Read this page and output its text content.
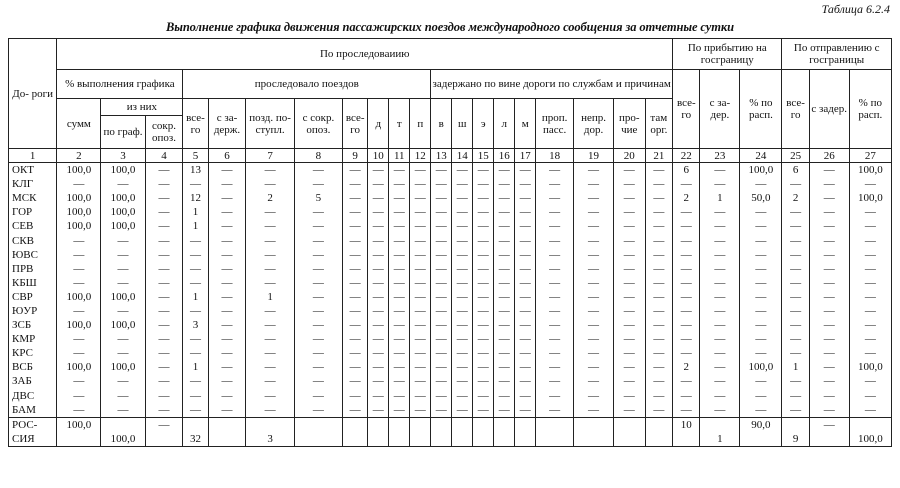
Таблица 6.2.4
Выполнение графика движения пассажирских поездов международного сообщения за отчетные сутки
До- роги	По проследоваиию																				По прибытию на госграницу			По отправлению с госграницы		
	% выполнения графика			проследовало поездов								задержано по вине дороги по службам и причинам									все- го	с за- дер.	% по расп.	все- го	с задер.	% по расп.
	сумм	из них		все- го	с за- держ.	позд. по- ступл.	с сокр. опоз.	все- го	д	т	п	в	ш	э	л	м	проп. пасс.	непр. дор.	про- чие	там орг.						
		по граф.	сокр. опоз.																							
1	2	3	4	5	6	7	8	9	10	11	12	13	14	15	16	17	18	19	20	21	22	23	24	25	26	27
ОКТ	100,0	100,0	—	13	—	—	—	—	—	—	—	—	—	—	—	—	—	—	—	—	6	—	100,0	6	—	100,0
КЛГ	—	—	—	—	—	—	—	—	—	—	—	—	—	—	—	—	—	—	—	—	—	—	—	—	—	—
МСК	100,0	100,0	—	12	—	2	5	—	—	—	—	—	—	—	—	—	—	—	—	—	2	1	50,0	2	—	100,0
ГОР	100,0	100,0	—	1	—	—	—	—	—	—	—	—	—	—	—	—	—	—	—	—	—	—	—	—	—	—
СЕВ	100,0	100,0	—	1	—	—	—	—	—	—	—	—	—	—	—	—	—	—	—	—	—	—	—	—	—	—
СКВ	—	—	—	—	—	—	—	—	—	—	—	—	—	—	—	—	—	—	—	—	—	—	—	—	—	—
ЮВС	—	—	—	—	—	—	—	—	—	—	—	—	—	—	—	—	—	—	—	—	—	—	—	—	—	—
ПРВ	—	—	—	—	—	—	—	—	—	—	—	—	—	—	—	—	—	—	—	—	—	—	—	—	—	—
КБШ	—	—	—	—	—	—	—	—	—	—	—	—	—	—	—	—	—	—	—	—	—	—	—	—	—	—
СВР	100,0	100,0	—	1	—	1	—	—	—	—	—	—	—	—	—	—	—	—	—	—	—	—	—	—	—	—
ЮУР	—	—	—	—	—	—	—	—	—	—	—	—	—	—	—	—	—	—	—	—	—	—	—	—	—	—
ЗСБ	100,0	100,0	—	3	—	—	—	—	—	—	—	—	—	—	—	—	—	—	—	—	—	—	—	—	—	—
КМР	—	—	—	—	—	—	—	—	—	—	—	—	—	—	—	—	—	—	—	—	—	—	—	—	—	—
КРС	—	—	—	—	—	—	—	—	—	—	—	—	—	—	—	—	—	—	—	—	—	—	—	—	—	—
ВСБ	100,0	100,0	—	1	—	—	—	—	—	—	—	—	—	—	—	—	—	—	—	—	2	—	100,0	1	—	100,0
ЗАБ	—	—	—	—	—	—	—	—	—	—	—	—	—	—	—	—	—	—	—	—	—	—	—	—	—	—
ДВС	—	—	—	—	—	—	—	—	—	—	—	—	—	—	—	—	—	—	—	—	—	—	—	—	—	—
БАМ	—	—	—	—	—	—	—	—	—	—	—	—	—	—	—	—	—	—	—	—	—	—	—	—	—	—
РОС-	100,0		—																		10		90,0		—	
СИЯ		100,0		32		3																1		9		100,0
